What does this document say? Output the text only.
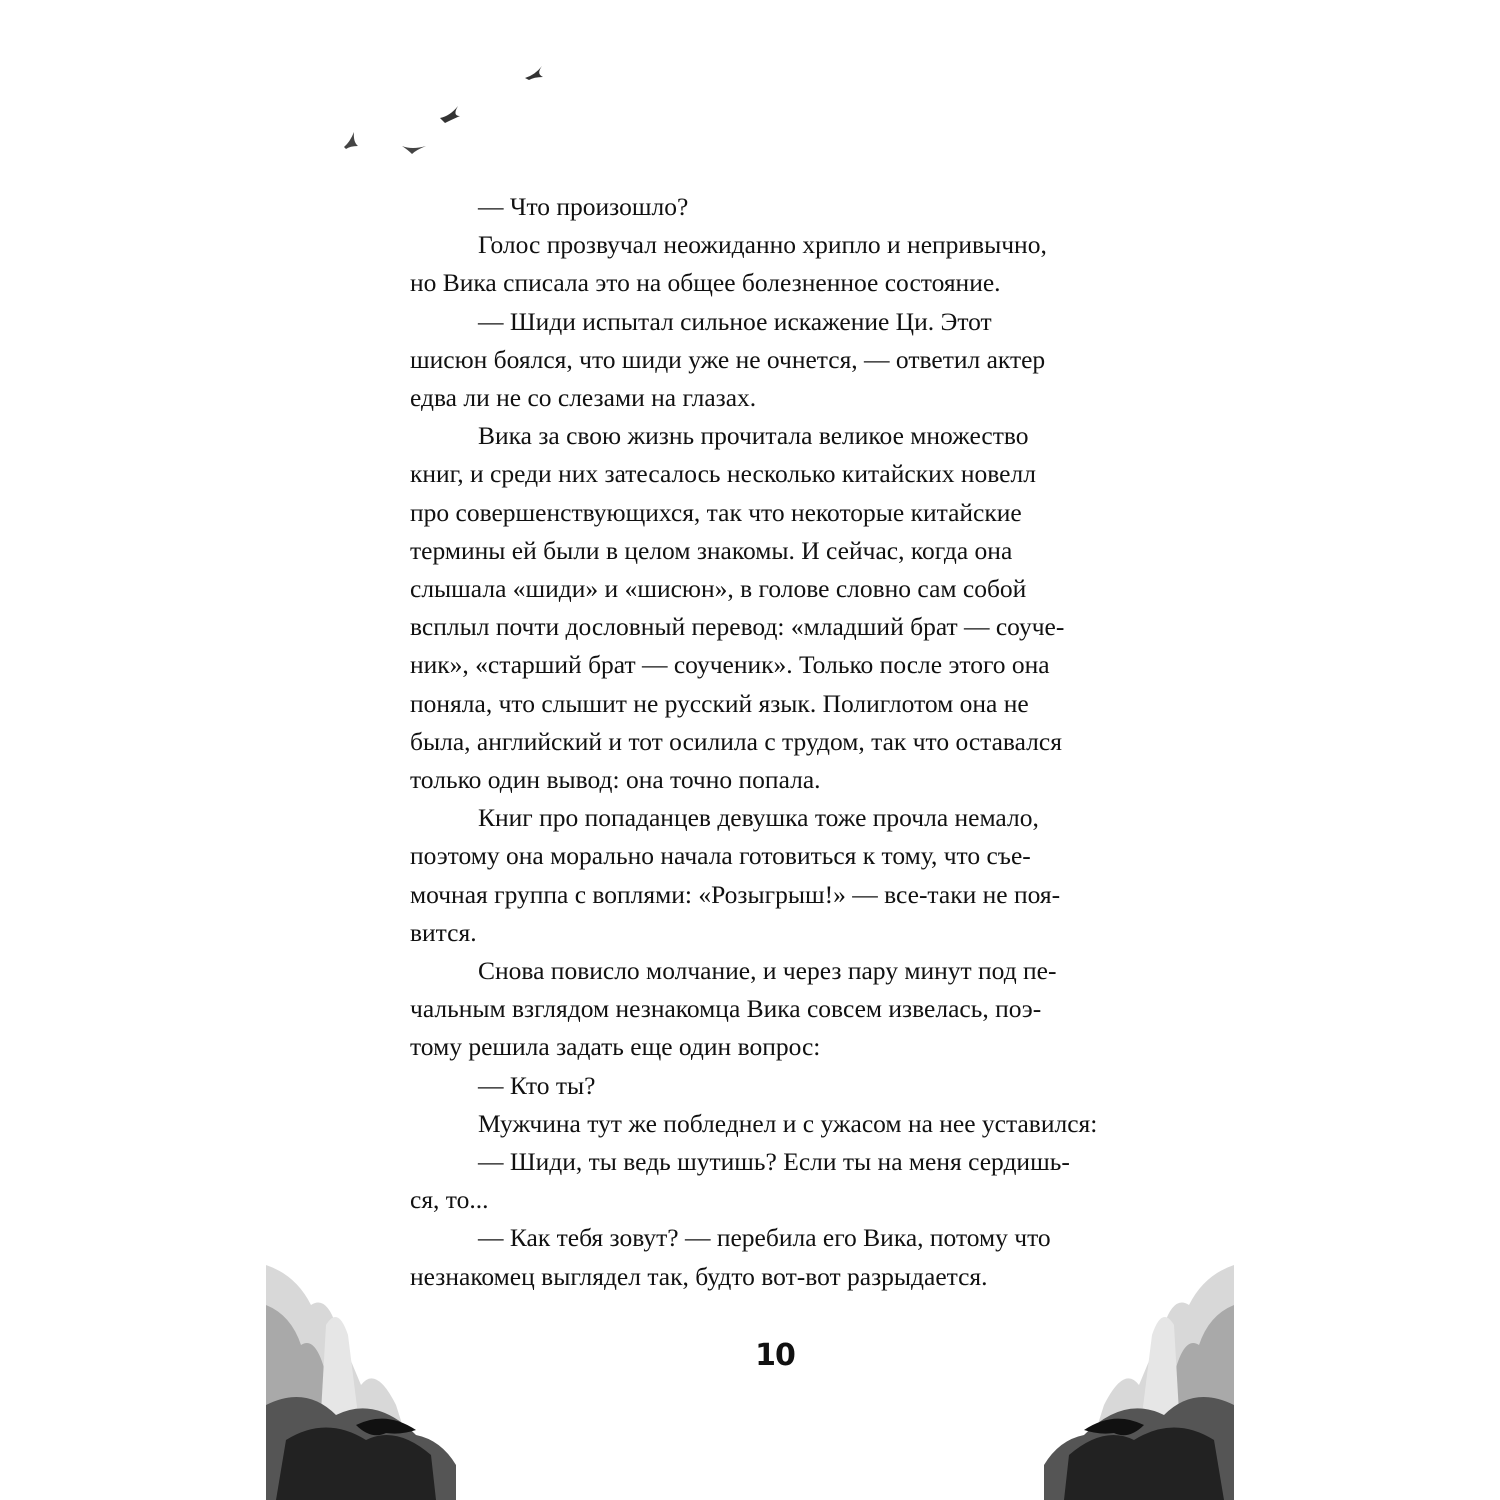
— Что произошло?

Голос прозвучал неожиданно хрипло и непривычно,

но Вика списала это на общее болезненное состояние.

— Шиди испытал сильное искажение Ци. Этот

шисюн боялся, что шиди уже не очнется, — ответил актер

едва ли не со слезами на глазах.

Вика за свою жизнь прочитала великое множество

книг, и среди них затесалось несколько китайских новелл

про совершенствующихся, так что некоторые китайские

термины ей были в целом знакомы. И сейчас, когда она

слышала «шиди» и «шисюн», в голове словно сам собой

всплыл почти дословный перевод: «младший брат — соуче-

ник», «старший брат — соученик». Только после этого она

поняла, что слышит не русский язык. Полиглотом она не

была, английский и тот осилила с трудом, так что оставался

только один вывод: она точно попала.

Книг про попаданцев девушка тоже прочла немало,

поэтому она морально начала готовиться к тому, что съе-

мочная группа с воплями: «Розыгрыш!» — все-таки не поя-

вится.

Снова повисло молчание, и через пару минут под пе-

чальным взглядом незнакомца Вика совсем извелась, поэ-

тому решила задать еще один вопрос:

— Кто ты?

Мужчина тут же побледнел и с ужасом на нее уставился:

— Шиди, ты ведь шутишь? Если ты на меня сердишь-

ся, то...

— Как тебя зовут? — перебила его Вика, потому что

незнакомец выглядел так, будто вот-вот разрыдается.

10
